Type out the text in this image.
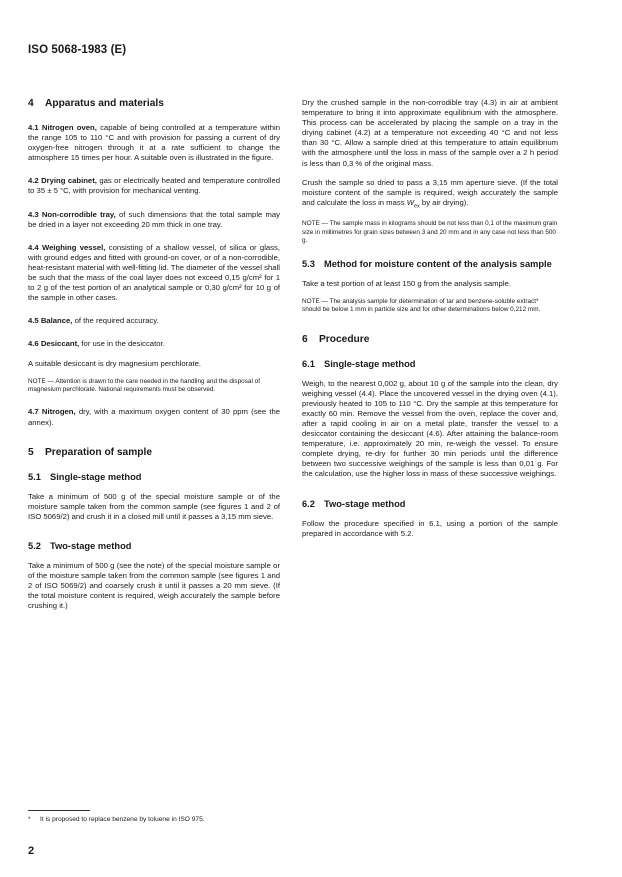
ISO 5068-1983 (E)
4 Apparatus and materials

4.1 Nitrogen oven, capable of being controlled at a temperature within the range 105 to 110 °C and with provision for passing a current of dry oxygen-free nitrogen through it at a rate sufficient to change the atmosphere 15 times per hour. A suitable oven is illustrated in the figure.

4.2 Drying cabinet, gas or electrically heated and temperature controlled to 35 ± 5 °C, with provision for mechanical venting.

4.3 Non-corrodible tray, of such dimensions that the total sample may be dried in a layer not exceeding 20 mm thick in one tray.

4.4 Weighing vessel, consisting of a shallow vessel, of silica or glass, with ground edges and fitted with ground-on cover, or of a non-corrodible, heat-resistant material with well-fitting lid. The diameter of the vessel shall be such that the mass of the coal layer does not exceed 0,15 g/cm² for 1 to 2 g of the test portion of an analytical sample or 0,30 g/cm² for 10 g of the sample in other cases.

4.5 Balance, of the required accuracy.

4.6 Desiccant, for use in the desiccator.

A suitable desiccant is dry magnesium perchlorate.

NOTE — Attention is drawn to the care needed in the handling and the disposal of magnesium perchlorate. National requirements must be observed.

4.7 Nitrogen, dry, with a maximum oxygen content of 30 ppm (see the annex).

5 Preparation of sample
5.1 Single-stage method

Take a minimum of 500 g of the special moisture sample or of the moisture sample taken from the common sample (see figures 1 and 2 of ISO 5069/2) and crush it in a closed mill until it passes a 3,15 mm sieve.

5.2 Two-stage method

Take a minimum of 500 g (see the note) of the special moisture sample or of the moisture sample taken from the common sample (see figures 1 and 2 of ISO 5069/2) and coarsely crush it until it passes a 20 mm sieve. (If the total moisture content is required, weigh accurately the sample before crushing it.)

Dry the crushed sample in the non-corrodible tray (4.3) in air at ambient temperature to bring it into approximate equilibrium with the atmosphere. This process can be accelerated by placing the sample on a tray in the drying cabinet (4.2) at a temperature not exceeding 40 °C and not less than 30 °C. Allow a sample dried at this temperature to attain equilibrium with the atmosphere until the loss in mass of the sample over a 2 h period is less than 0,3 % of the original mass.

Crush the sample so dried to pass a 3,15 mm aperture sieve. (If the total moisture content of the sample is required, weigh accurately the sample and calculate the loss in mass $W_{ex}$ by air drying).

NOTE — The sample mass in kilograms should be not less than 0,1 of the maximum grain size in millimetres for grain sizes between 3 and 20 mm and in any case not less than 500 g.

5.3 Method for moisture content of the analysis sample

Take a test portion of at least 150 g from the analysis sample.

NOTE — The analysis sample for determination of tar and benzene-soluble extract* should be below 1 mm in particle size and for other determinations below 0,212 mm.

6 Procedure
6.1 Single-stage method

Weigh, to the nearest 0,002 g, about 10 g of the sample into the clean, dry weighing vessel (4.4). Place the uncovered vessel in the drying oven (4.1), previously heated to 105 to 110 °C. Dry the sample at this temperature for exactly 60 min. Remove the vessel from the oven, replace the cover and, after a rapid cooling in air on a metal plate, transfer the vessel to a desiccator containing the desiccant (4.6). After attaining the balance-room temperature, i.e. approximately 20 min, re-weigh the vessel. To ensure complete drying, re-dry for further 30 min periods until the difference between two successive weighings of the sample is less than 0,01 g. For the calculation, use the higher loss in mass of these successive weighings.

6.2 Two-stage method

Follow the procedure specified in 6.1, using a portion of the sample prepared in accordance with 5.2.

* It is proposed to replace benzene by toluene in ISO 975.
2
